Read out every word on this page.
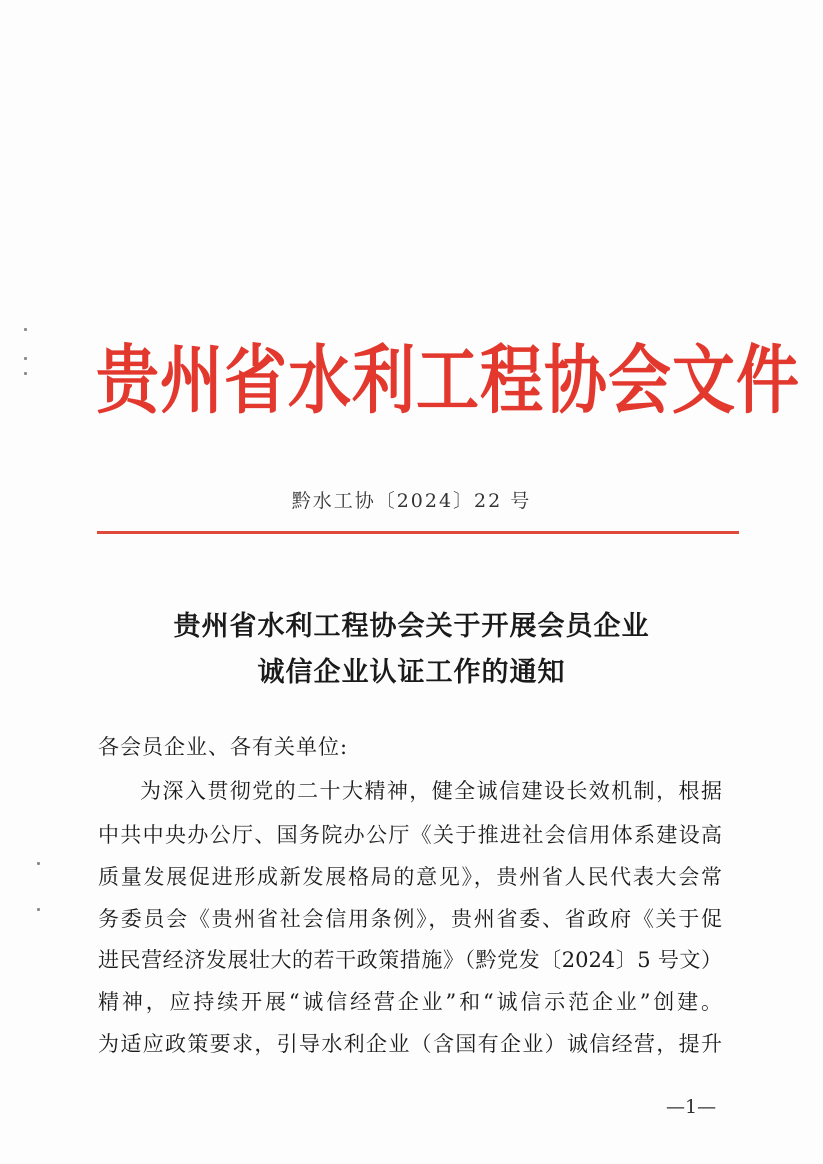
贵州省水利工程协会文件
黔水工协〔2024〕22 号
贵州省水利工程协会关于开展会员企业
诚信企业认证工作的通知
各会员企业、各有关单位:
为深入贯彻党的二十大精神，健全诚信建设长效机制，根据
中共中央办公厅、国务院办公厅《关于推进社会信用体系建设高
质量发展促进形成新发展格局的意见》，贵州省人民代表大会常
务委员会《贵州省社会信用条例》，贵州省委、省政府《关于促
进民营经济发展壮大的若干政策措施》（黔党发〔2024〕5 号文）
精神，应持续开展“诚信经营企业”和“诚信示范企业”创建。
为适应政策要求，引导水利企业（含国有企业）诚信经营，提升
—1—
